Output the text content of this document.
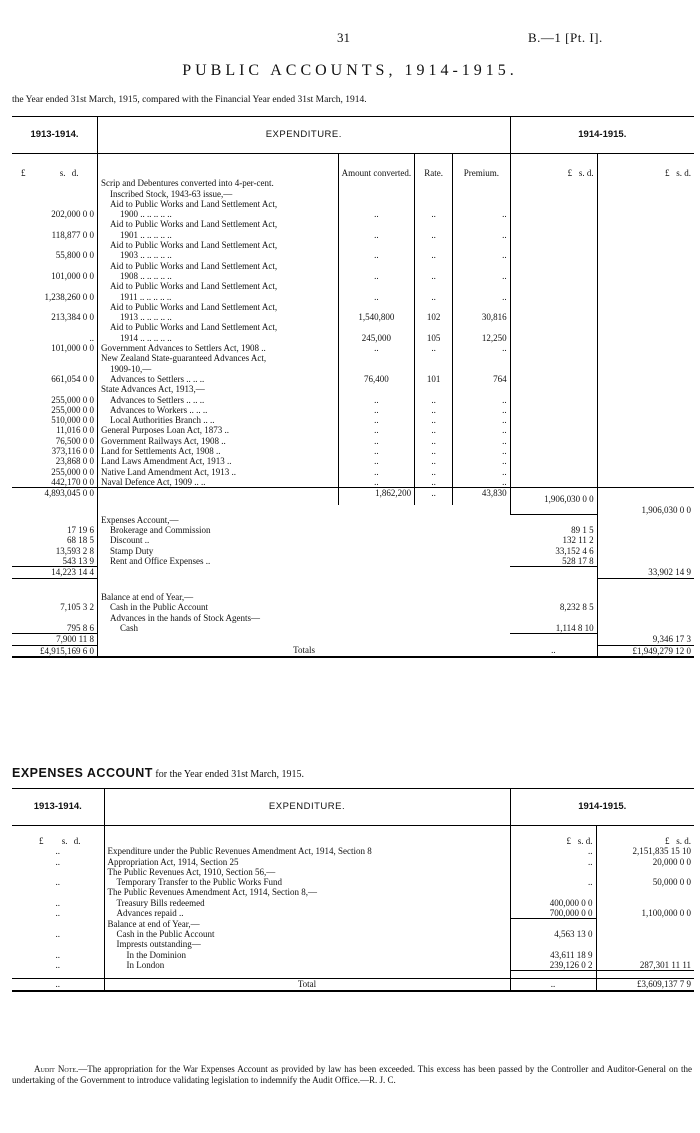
31	B.—1 [Pt. I].
PUBLIC ACCOUNTS, 1914-1915.
the Year ended 31st March, 1915, compared with the Financial Year ended 31st March, 1914.
1913-1914.	EXPENDITURE.				1914-1915.	
£ s. d.		Amount converted.	Rate.	Premium.	£ s. d.	£ s. d.
	Scrip and Debentures converted into 4-per-cent.					
	Inscribed Stock, 1943-63 issue,—					
	Aid to Public Works and Land Settlement Act,					
202,000 0 0	1900 .. .. .. .. ..	..	..	..		
	Aid to Public Works and Land Settlement Act,					
118,877 0 0	1901 .. .. .. .. ..	..	..	..		
	Aid to Public Works and Land Settlement Act,					
55,800 0 0	1903 .. .. .. .. ..	..	..	..		
	Aid to Public Works and Land Settlement Act,					
101,000 0 0	1908 .. .. .. .. ..	..	..	..		
	Aid to Public Works and Land Settlement Act,					
1,238,260 0 0	1911 .. .. .. .. ..	..	..	..		
	Aid to Public Works and Land Settlement Act,					
213,384 0 0	1913 .. .. .. .. ..	1,540,800	102	30,816		
	Aid to Public Works and Land Settlement Act,					
..	1914 .. .. .. .. ..	245,000	105	12,250		
101,000 0 0	Government Advances to Settlers Act, 1908 ..	..	..	..		
	New Zealand State-guaranteed Advances Act,					
	1909-10,—					
661,054 0 0	Advances to Settlers .. .. ..	76,400	101	764		
	State Advances Act, 1913,—					
255,000 0 0	Advances to Settlers .. .. ..	..	..	..		
255,000 0 0	Advances to Workers .. .. ..	..	..	..		
510,000 0 0	Local Authorities Branch .. ..	..	..	..		
11,016 0 0	General Purposes Loan Act, 1873 ..	..	..	..		
76,500 0 0	Government Railways Act, 1908 ..	..	..	..		
373,116 0 0	Land for Settlements Act, 1908 ..	..	..	..		
23,868 0 0	Land Laws Amendment Act, 1913 ..	..	..	..		
255,000 0 0	Native Land Amendment Act, 1913 ..	..	..	..		
442,170 0 0	Naval Defence Act, 1909 .. ..	..	..	..		
4,893,045 0 0		1,862,200	..	43,830	1,906,030 0 0	
						1,906,030 0 0
	Expenses Account,—					
17 19 6	Brokerage and Commission				89 1 5	
68 18 5	Discount ..				132 11 2	
13,593 2 8	Stamp Duty				33,152 4 6	
543 13 9	Rent and Office Expenses ..				528 17 8	
14,223 14 4						33,902 14 9

	Balance at end of Year,—					
7,105 3 2	Cash in the Public Account				8,232 8 5	
	Advances in the hands of Stock Agents—					
795 8 6	Cash				1,114 8 10	
7,900 11 8						9,346 17 3
£4,915,169 6 0	Totals				..	£1,949,279 12 0
EXPENSES ACCOUNT for the Year ended 31st March, 1915.
1913-1914.	EXPENDITURE.	1914-1915.	
£ s. d.		£ s. d.	£ s. d.
..	Expenditure under the Public Revenues Amendment Act, 1914, Section 8	..	2,151,835 15 10
..	Appropriation Act, 1914, Section 25	..	20,000 0 0
	The Public Revenues Act, 1910, Section 56,—		
..	Temporary Transfer to the Public Works Fund	..	50,000 0 0
	The Public Revenues Amendment Act, 1914, Section 8,—		
..	Treasury Bills redeemed	400,000 0 0	
..	Advances repaid ..	700,000 0 0	1,100,000 0 0
	Balance at end of Year,—		
..	Cash in the Public Account	4,563 13 0	
	Imprests outstanding—		
..	In the Dominion	43,611 18 9	
..	In London	239,126 0 2	287,301 11 11

..	Total	..	£3,609,137 7 9
Audit Note.—The appropriation for the War Expenses Account as provided by law has been exceeded. This excess has been passed by the Controller and Auditor-General on the undertaking of the Government to introduce validating legislation to indemnify the Audit Office.—R. J. C.
